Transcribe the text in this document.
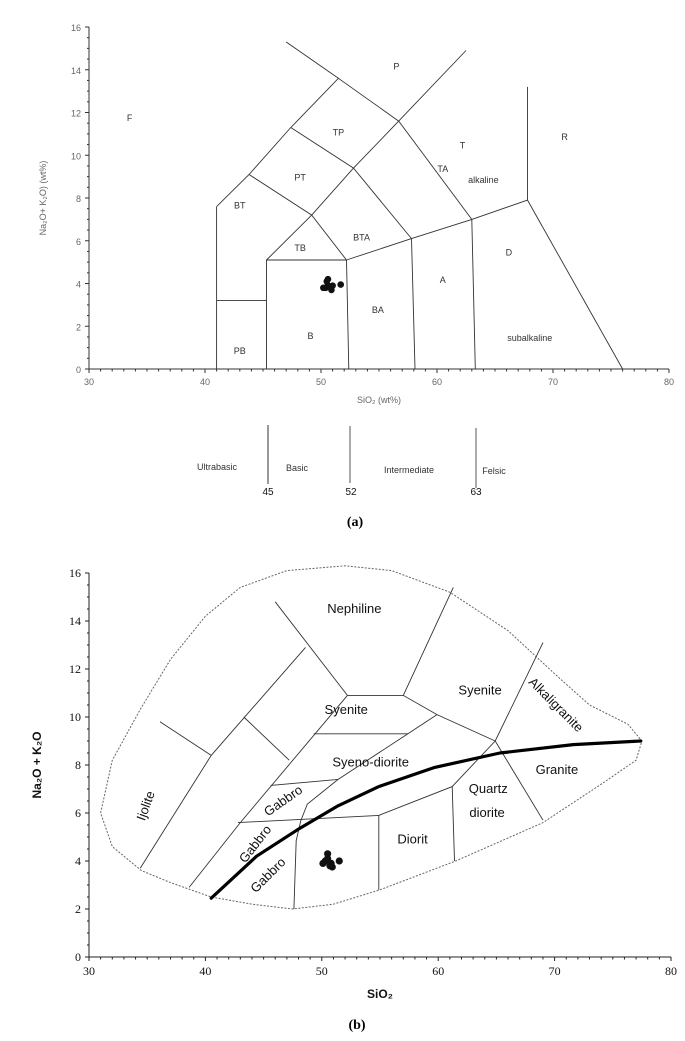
30	40	50	60	70	80
0
2
4
6
8
10
12
14
16
F
P
TP
T
R
PT
TA
alkaline
BT
BTA
D
TB
A
BA
B	subalkaline
PB
SiO₂ (wt%)
Na₂O+ K₂O) (wt%)
Ultrabasic	Basic	Intermediate	Felsic
45	52	63
(a)
30	40	50	60	70	80
0
2
4
6
8
10
12
14
16
Nephiline
Syenite Alkaligranite
Syenite
Syeno-diorite	Granite
Quartz
diorite
Diorit
Ijolite	Gabbro
Gabbro
Gabbro
SiO₂
Na₂O + K₂O
(b)
